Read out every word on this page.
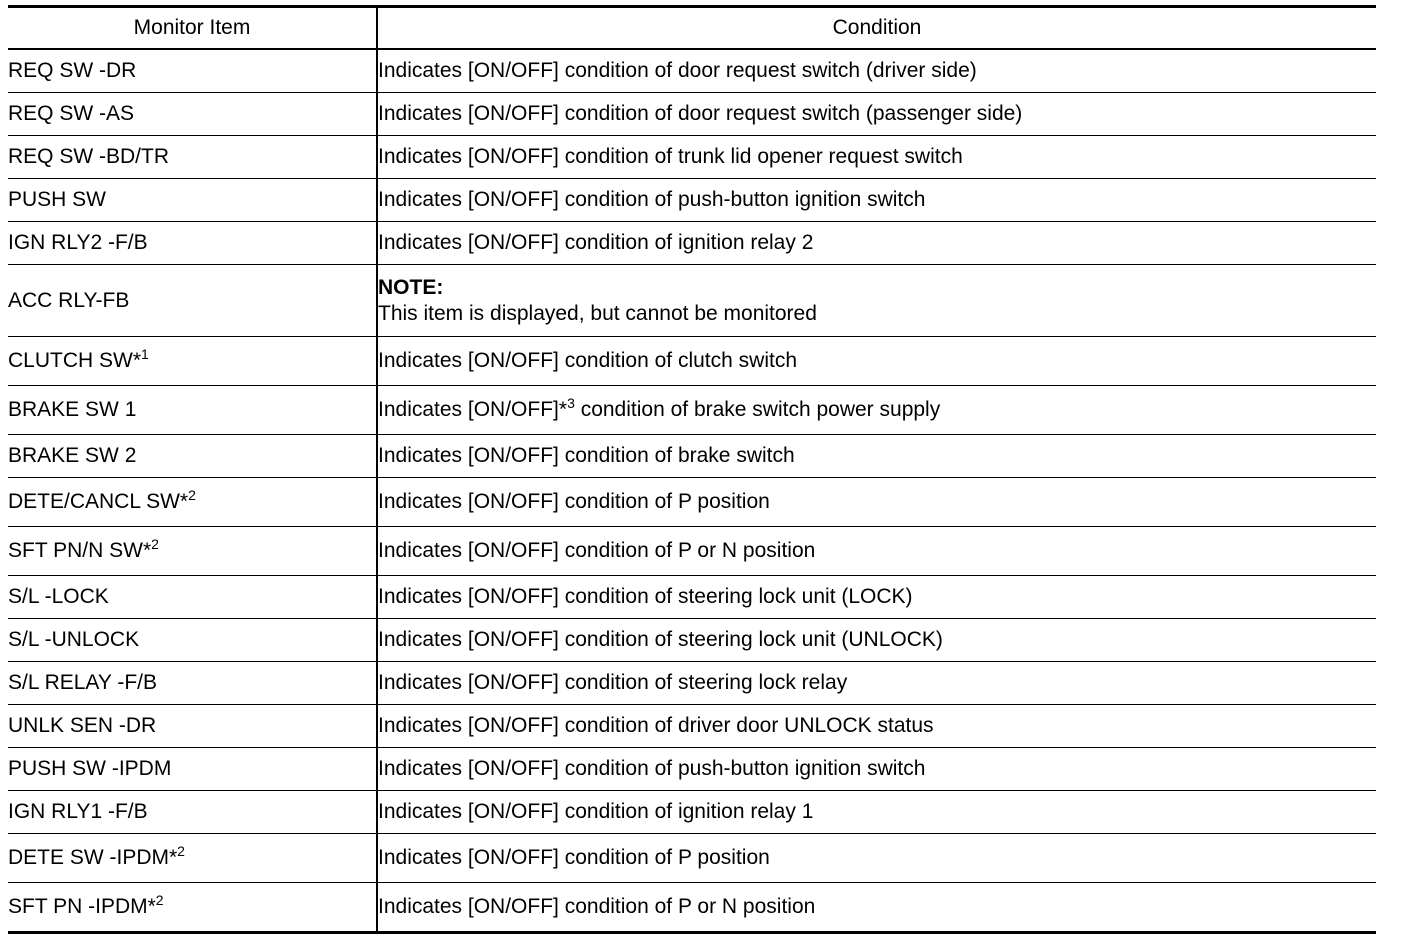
Monitor Item	Condition
REQ SW -DR	Indicates [ON/OFF] condition of door request switch (driver side)
REQ SW -AS	Indicates [ON/OFF] condition of door request switch (passenger side)
REQ SW -BD/TR	Indicates [ON/OFF] condition of trunk lid opener request switch
PUSH SW	Indicates [ON/OFF] condition of push-button ignition switch
IGN RLY2 -F/B	Indicates [ON/OFF] condition of ignition relay 2
ACC RLY-FB	NOTE:
This item is displayed, but cannot be monitored

CLUTCH SW*$^1$	Indicates [ON/OFF] condition of clutch switch
BRAKE SW 1	Indicates [ON/OFF]*$^3$ condition of brake switch power supply
BRAKE SW 2	Indicates [ON/OFF] condition of brake switch
DETE/CANCL SW*$^2$	Indicates [ON/OFF] condition of P position
SFT PN/N SW*$^2$	Indicates [ON/OFF] condition of P or N position
S/L -LOCK	Indicates [ON/OFF] condition of steering lock unit (LOCK)
S/L -UNLOCK	Indicates [ON/OFF] condition of steering lock unit (UNLOCK)
S/L RELAY -F/B	Indicates [ON/OFF] condition of steering lock relay
UNLK SEN -DR	Indicates [ON/OFF] condition of driver door UNLOCK status
PUSH SW -IPDM	Indicates [ON/OFF] condition of push-button ignition switch
IGN RLY1 -F/B	Indicates [ON/OFF] condition of ignition relay 1
DETE SW -IPDM*$^2$	Indicates [ON/OFF] condition of P position
SFT PN -IPDM*$^2$	Indicates [ON/OFF] condition of P or N position
